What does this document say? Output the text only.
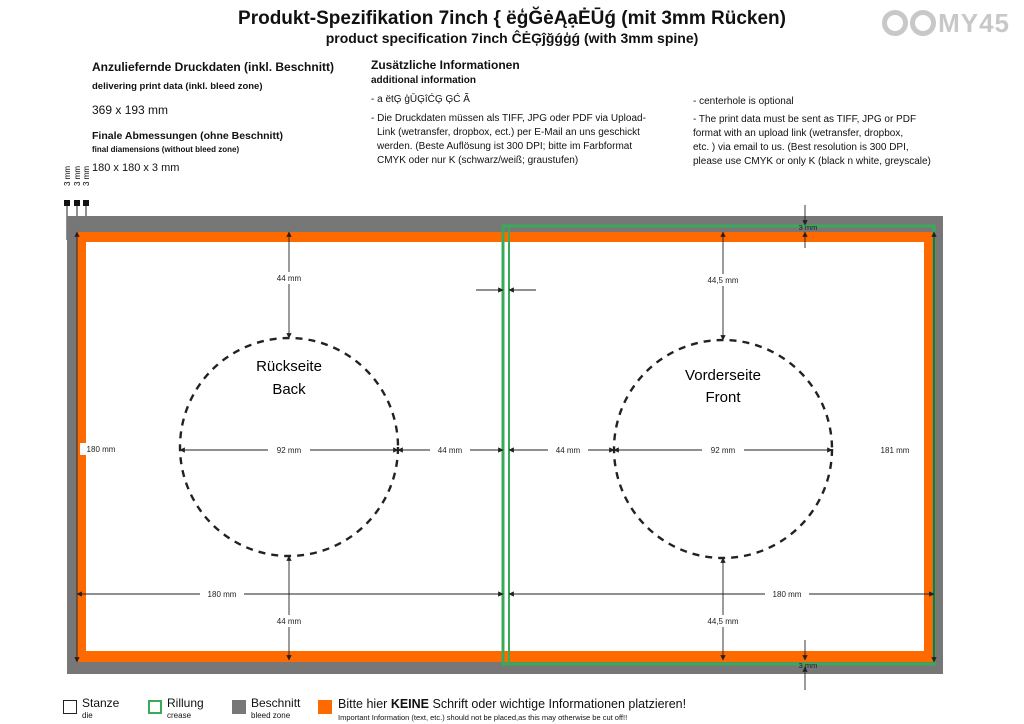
Produkt-Spezifikation 7inch { ëģĞėĄạĖŪǵ (mit 3mm Rücken)
product specification 7inch ĈĖĢĵğǵģǵ (with 3mm spine)	MY45
Anzuliefernde Druckdaten (inkl. Beschnitt)
delivering print data (inkl. bleed zone)
369 x 193 mm
Finale Abmessungen (ohne Beschnitt)
final diamensions (without bleed zone)
180 x 180 x 3 mm
Zusätzliche Informationen
additional information
- a ëtĢ ģŪĢîĆĢ ĢĆ Ã
- Die Druckdaten müssen als TIFF, JPG oder PDF via Upload-
Link (wetransfer, dropbox, ect.) per E-Mail an uns geschickt
werden. (Beste Auflösung ist 300 DPI; bitte im Farbformat
CMYK oder nur K (schwarz/weiß; graustufen)
- centerhole is optional
- The print data must be sent as TIFF, JPG or PDF
format with an upload link (wetransfer, dropbox,
etc. ) via email to us. (Best resolution is 300 DPI,
please use CMYK or only K (black n white, greyscale)
3 mm 3 mm 3 mm
Rückseite
Back
Vorderseite
Front
44 mm	44,5 mm
92 mm	92 mm
44 mm	44 mm
180 mm	181 mm
180 mm	180 mm
44 mm	44,5 mm
3 mm
3 mm
Stanze
die
Rillung
crease
Beschnitt
bleed zone
Bitte hier KEINE Schrift oder wichtige Informationen platzieren!
Important Information (text, etc.) should not be placed,as this may otherwise be cut off!!
